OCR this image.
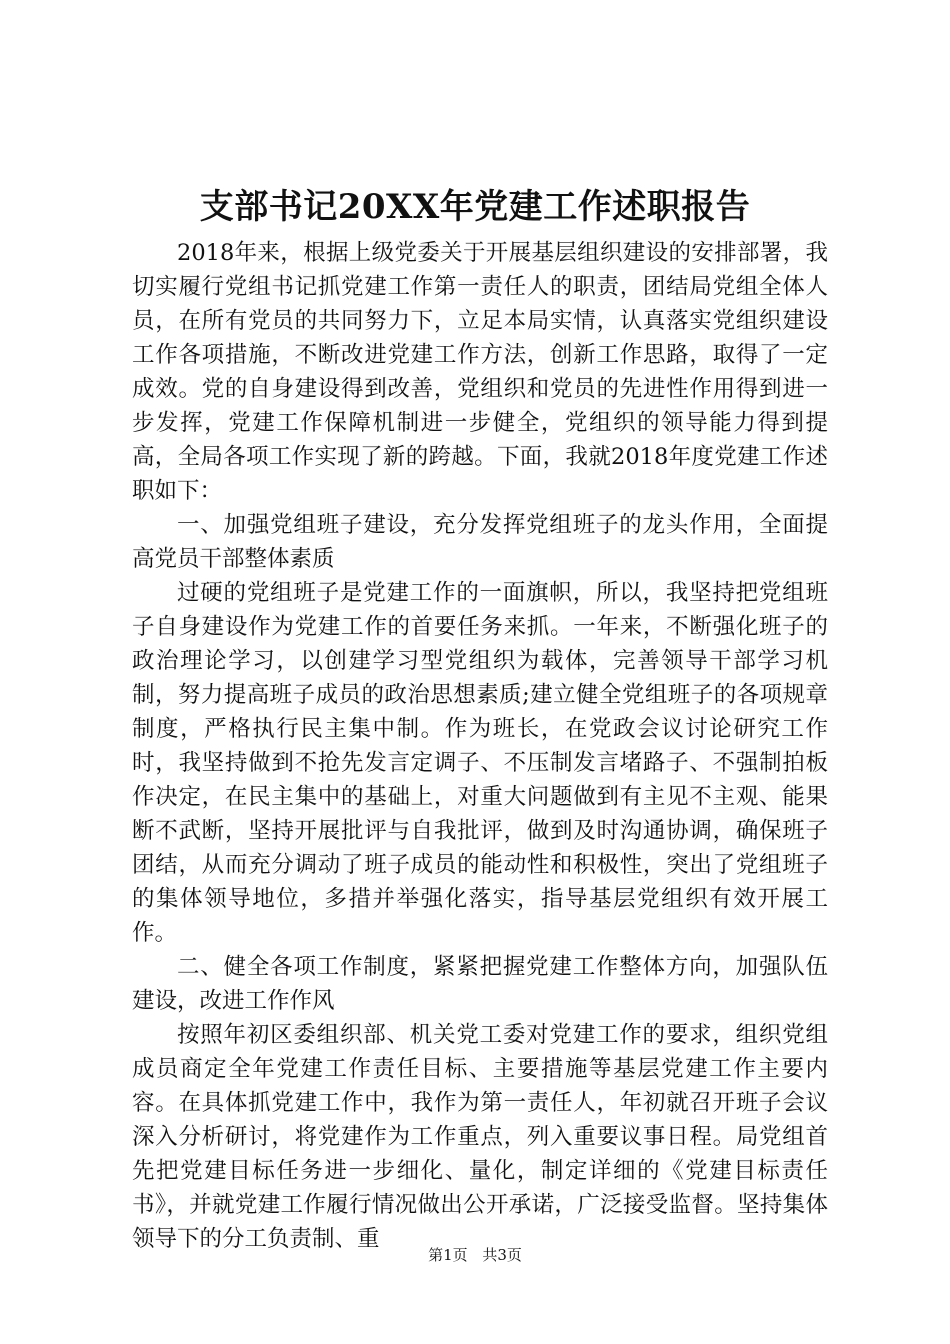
支部书记20XX年党建工作述职报告

2018年来，根据上级党委关于开展基层组织建设的安排部署，我切实履行党组书记抓党建工作第一责任人的职责，团结局党组全体人员，在所有党员的共同努力下，立足本局实情，认真落实党组织建设工作各项措施，不断改进党建工作方法，创新工作思路，取得了一定成效。党的自身建设得到改善，党组织和党员的先进性作用得到进一步发挥，党建工作保障机制进一步健全，党组织的领导能力得到提高，全局各项工作实现了新的跨越。下面，我就2018年度党建工作述职如下：

一、加强党组班子建设，充分发挥党组班子的龙头作用，全面提高党员干部整体素质

过硬的党组班子是党建工作的一面旗帜，所以，我坚持把党组班子自身建设作为党建工作的首要任务来抓。一年来，不断强化班子的政治理论学习，以创建学习型党组织为载体，完善领导干部学习机制，努力提高班子成员的政治思想素质;建立健全党组班子的各项规章制度，严格执行民主集中制。作为班长，在党政会议讨论研究工作时，我坚持做到不抢先发言定调子、不压制发言堵路子、不强制拍板作决定，在民主集中的基础上，对重大问题做到有主见不主观、能果断不武断，坚持开展批评与自我批评，做到及时沟通协调，确保班子团结，从而充分调动了班子成员的能动性和积极性，突出了党组班子的集体领导地位，多措并举强化落实，指导基层党组织有效开展工作。

二、健全各项工作制度，紧紧把握党建工作整体方向，加强队伍建设，改进工作作风

按照年初区委组织部、机关党工委对党建工作的要求，组织党组成员商定全年党建工作责任目标、主要措施等基层党建工作主要内容。在具体抓党建工作中，我作为第一责任人，年初就召开班子会议深入分析研讨，将党建作为工作重点，列入重要议事日程。局党组首先把党建目标任务进一步细化、量化，制定详细的《党建目标责任书》，并就党建工作履行情况做出公开承诺，广泛接受监督。坚持集体领导下的分工负责制、重

第1页 共3页
